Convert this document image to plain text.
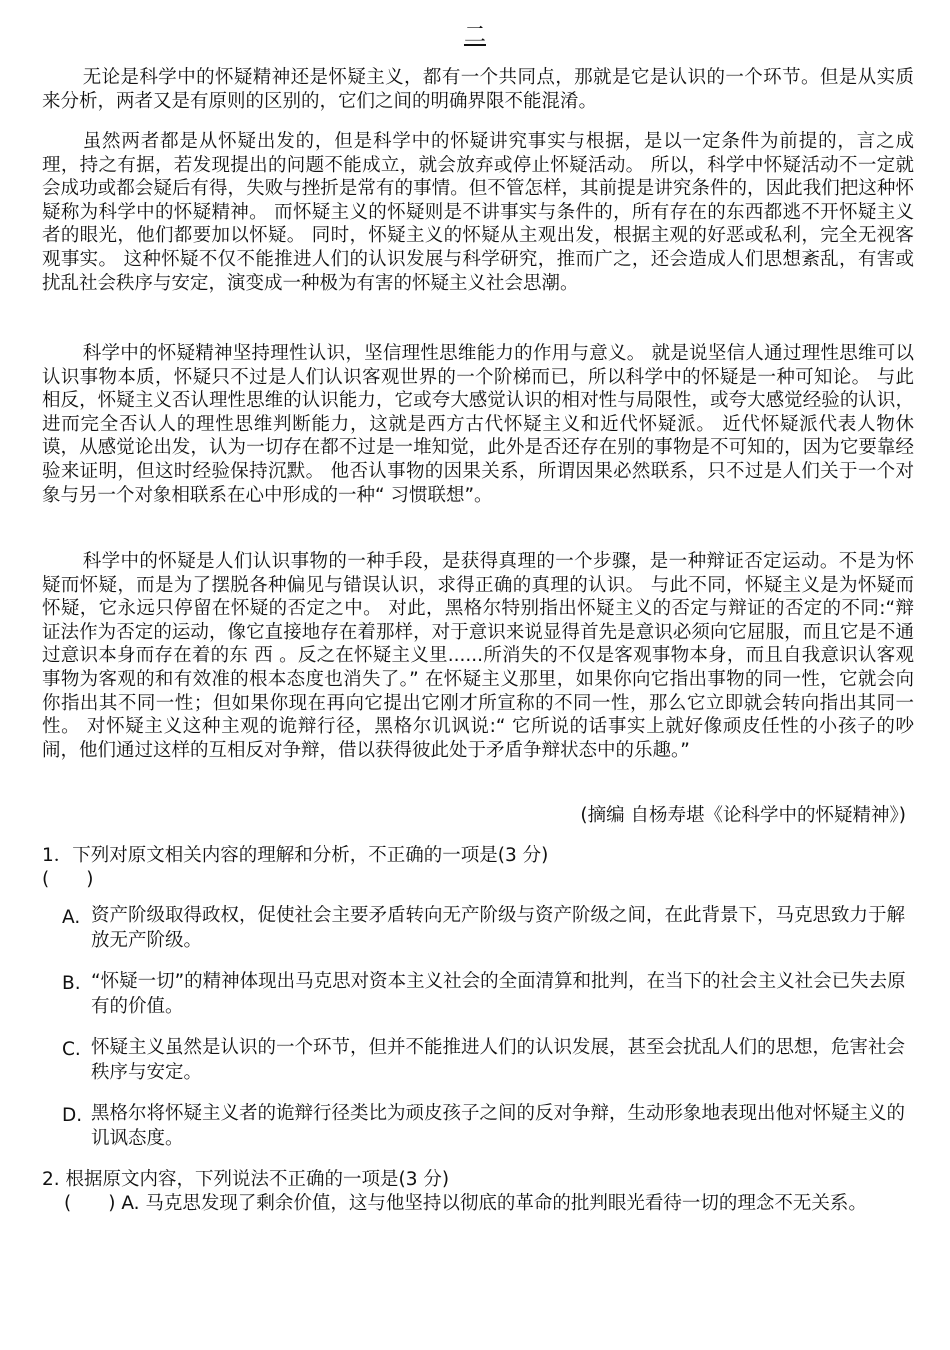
二

无论是科学中的怀疑精神还是怀疑主义，都有一个共同点，那就是它是认识的一个环节。但是从实质来分析，两者又是有原则的区别的，它们之间的明确界限不能混淆。

虽然两者都是从怀疑出发的，但是科学中的怀疑讲究事实与根据，是以一定条件为前提的，言之成理，持之有据，若发现提出的问题不能成立，就会放弃或停止怀疑活动。 所以，科学中怀疑活动不一定就会成功或都会疑后有得，失败与挫折是常有的事情。但不管怎样，其前提是讲究条件的，因此我们把这种怀疑称为科学中的怀疑精神。 而怀疑主义的怀疑则是不讲事实与条件的，所有存在的东西都逃不开怀疑主义者的眼光，他们都要加以怀疑。 同时，怀疑主义的怀疑从主观出发，根据主观的好恶或私利，完全无视客观事实。 这种怀疑不仅不能推进人们的认识发展与科学研究，推而广之，还会造成人们思想紊乱，有害或扰乱社会秩序与安定，演变成一种极为有害的怀疑主义社会思潮。

科学中的怀疑精神坚持理性认识，坚信理性思维能力的作用与意义。 就是说坚信人通过理性思维可以认识事物本质，怀疑只不过是人们认识客观世界的一个阶梯而已，所以科学中的怀疑是一种可知论。 与此相反，怀疑主义否认理性思维的认识能力，它或夸大感觉认识的相对性与局限性，或夸大感觉经验的认识，进而完全否认人的理性思维判断能力，这就是西方古代怀疑主义和近代怀疑派。 近代怀疑派代表人物休谟，从感觉论出发，认为一切存在都不过是一堆知觉，此外是否还存在别的事物是不可知的，因为它要靠经验来证明，但这时经验保持沉默。 他否认事物的因果关系，所谓因果必然联系，只不过是人们关于一个对象与另一个对象相联系在心中形成的一种“ 习惯联想”。

科学中的怀疑是人们认识事物的一种手段，是获得真理的一个步骤，是一种辩证否定运动。不是为怀疑而怀疑，而是为了摆脱各种偏见与错误认识，求得正确的真理的认识。 与此不同，怀疑主义是为怀疑而怀疑，它永远只停留在怀疑的否定之中。 对此，黑格尔特别指出怀疑主义的否定与辩证的否定的不同:“辩证法作为否定的运动，像它直接地存在着那样，对于意识来说显得首先是意识必须向它屈服，而且它是不通过意识本身而存在着的东 西 。反之在怀疑主义里......所消失的不仅是客观事物本身，而且自我意识认客观事物为客观的和有效准的根本态度也消失了。” 在怀疑主义那里，如果你向它指出事物的同一性，它就会向你指出其不同一性；但如果你现在再向它提出它刚才所宣称的不同一性，那么它立即就会转向指出其同一性。 对怀疑主义这种主观的诡辩行径，黑格尔讥讽说:“ 它所说的话事实上就好像顽皮任性的小孩子的吵闹，他们通过这样的互相反对争辩，借以获得彼此处于矛盾争辩状态中的乐趣。”

(摘编 自杨寿堪《论科学中的怀疑精神》)
1．下列对原文相关内容的理解和分析，不正确的一项是(3 分)
(　　)
A. 资产阶级取得政权，促使社会主要矛盾转向无产阶级与资产阶级之间，在此背景下，马克思致力于解放无产阶级。
B. “怀疑一切”的精神体现出马克思对资本主义社会的全面清算和批判，在当下的社会主义社会已失去原有的价值。
C. 怀疑主义虽然是认识的一个环节，但并不能推进人们的认识发展，甚至会扰乱人们的思想，危害社会秩序与安定。
D. 黑格尔将怀疑主义者的诡辩行径类比为顽皮孩子之间的反对争辩，生动形象地表现出他对怀疑主义的讥讽态度。
2. 根据原文内容，下列说法不正确的一项是(3 分)
(　　) A. 马克思发现了剩余价值，这与他坚持以彻底的革命的批判眼光看待一切的理念不无关系。
